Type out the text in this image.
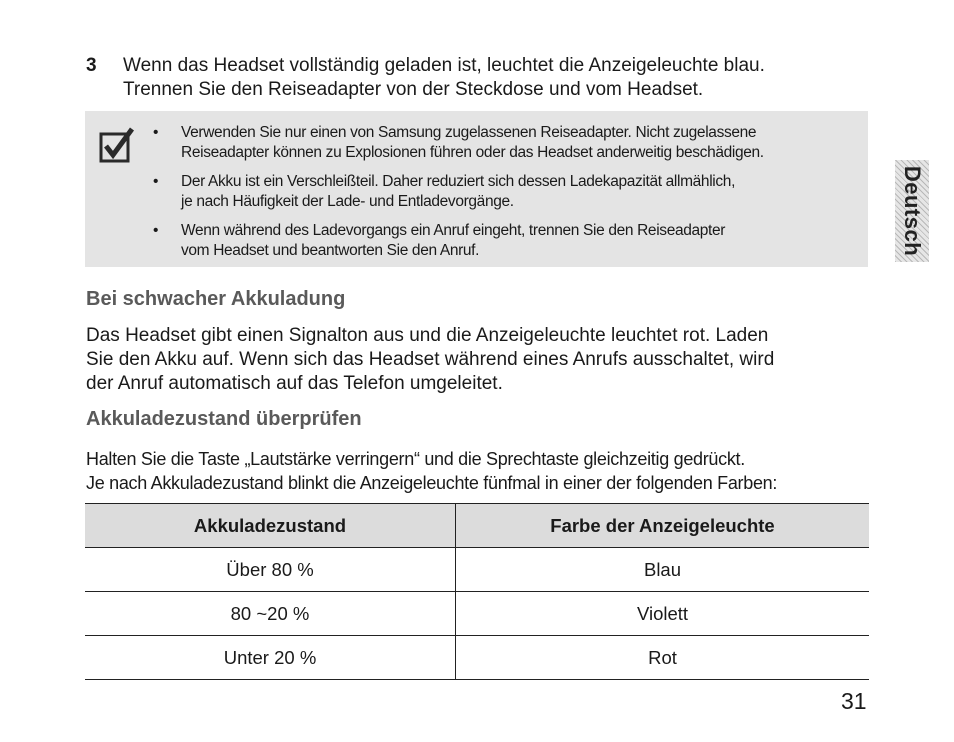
3 Wenn das Headset vollständig geladen ist, leuchtet die Anzeigeleuchte blau.
Trennen Sie den Reiseadapter von der Steckdose und vom Headset.
• Verwenden Sie nur einen von Samsung zugelassenen Reiseadapter. Nicht zugelassene
Reiseadapter können zu Explosionen führen oder das Headset anderweitig beschädigen.
• Der Akku ist ein Verschleißteil. Daher reduziert sich dessen Ladekapazität allmählich,
je nach Häufigkeit der Lade- und Entladevorgänge.
• Wenn während des Ladevorgangs ein Anruf eingeht, trennen Sie den Reiseadapter
vom Headset und beantworten Sie den Anruf.	Deutsch
Bei schwacher Akkuladung
Das Headset gibt einen Signalton aus und die Anzeigeleuchte leuchtet rot. Laden
Sie den Akku auf. Wenn sich das Headset während eines Anrufs ausschaltet, wird
der Anruf automatisch auf das Telefon umgeleitet.
Akkuladezustand überprüfen
Halten Sie die Taste „Lautstärke verringern“ und die Sprechtaste gleichzeitig gedrückt.
Je nach Akkuladezustand blinkt die Anzeigeleuchte fünfmal in einer der folgenden Farben:
Akkuladezustand	Farbe der Anzeigeleuchte
Über 80 %	Blau
80 ~20 %	Violett
Unter 20 %	Rot
31
